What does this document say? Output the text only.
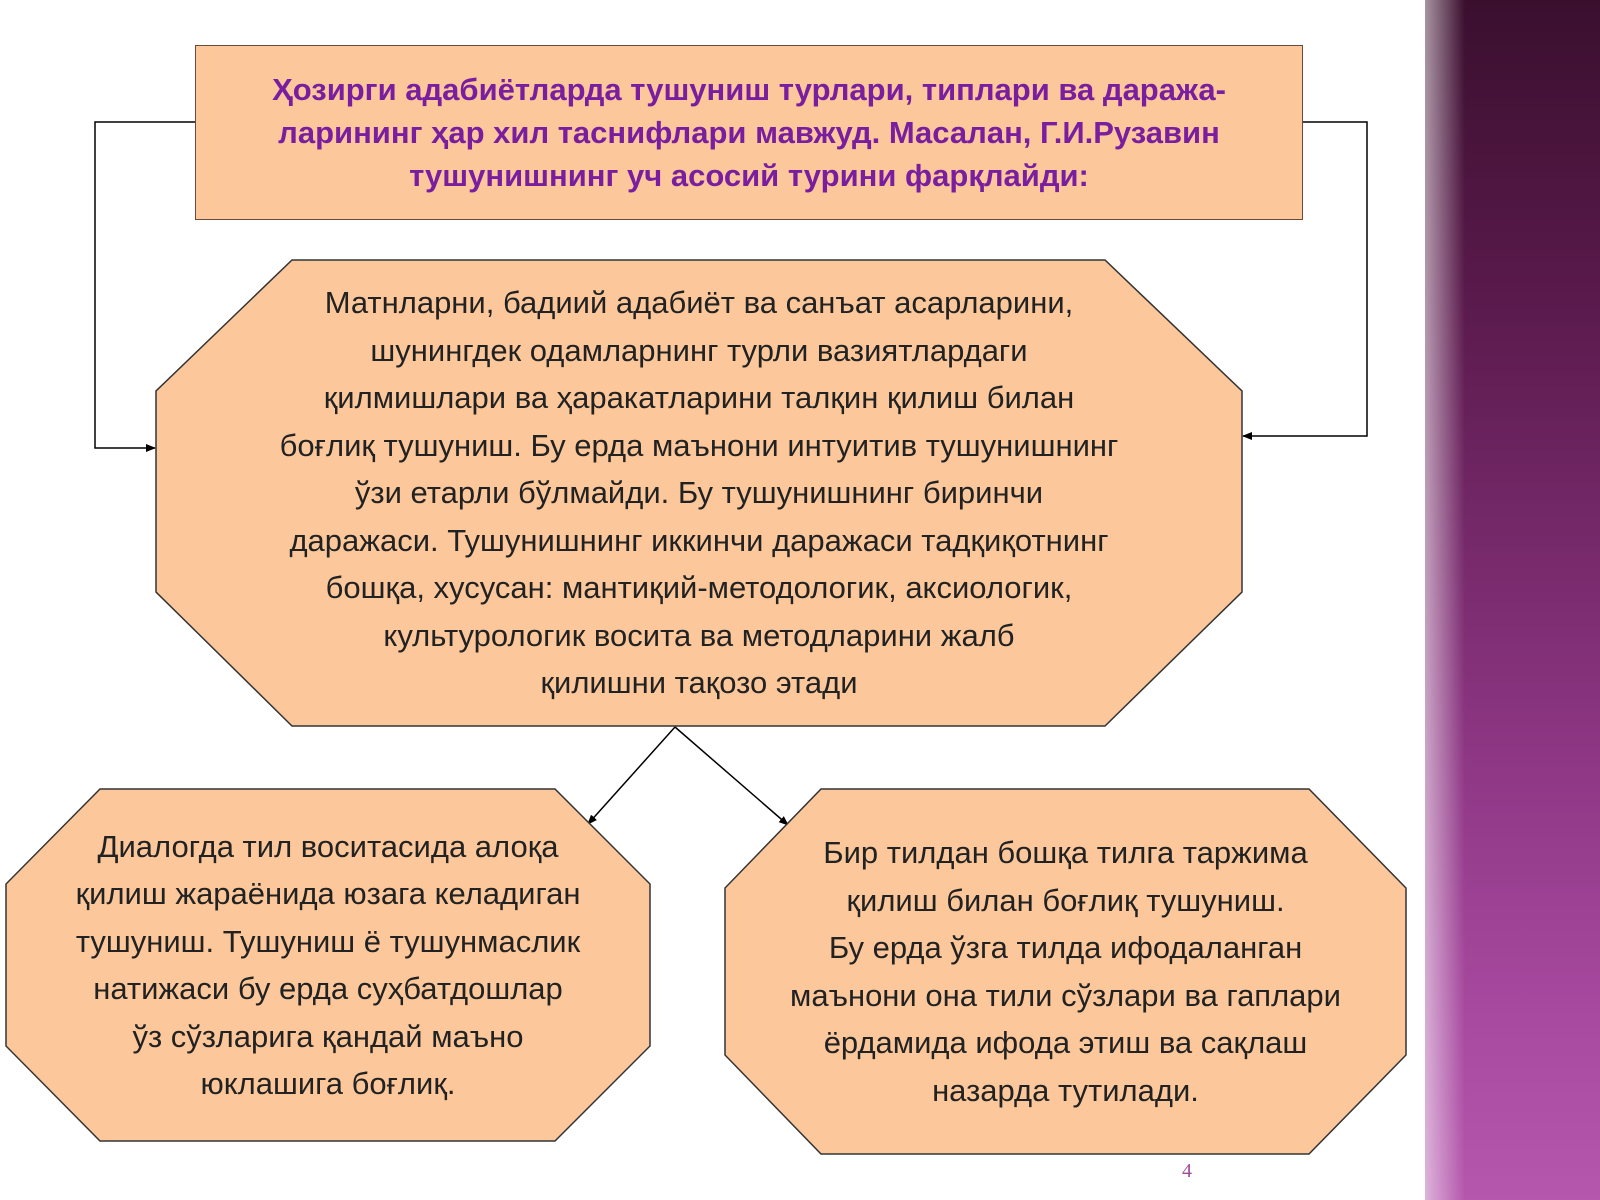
Ҳозирги адабиётларда тушуниш турлари, типлари ва даража-
ларининг ҳар хил таснифлари мавжуд. Масалан, Г.И.Рузавин
тушунишнинг уч асосий турини фарқлайди:
Матнларни, бадиий адабиёт ва санъат асарларини,
шунингдек одамларнинг турли вазиятлардаги
қилмишлари ва ҳаракатларини талқин қилиш билан
боғлиқ тушуниш. Бу ерда маънони интуитив тушунишнинг
ўзи етарли бўлмайди. Бу тушунишнинг биринчи
даражаси. Тушунишнинг иккинчи даражаси тадқиқотнинг
бошқа, хусусан: мантиқий-методологик, аксиологик,
культурологик восита ва методларини жалб
қилишни тақозо этади
Диалогда тил воситасида алоқа
қилиш жараёнида юзага келадиган
тушуниш. Тушуниш ё тушунмаслик
натижаси бу ерда суҳбатдошлар
ўз сўзларига қандай маъно
юклашига боғлиқ.
Бир тилдан бошқа тилга таржима
қилиш билан боғлиқ тушуниш.
Бу ерда ўзга тилда ифодаланган
маънони она тили сўзлари ва гаплари
ёрдамида ифода этиш ва сақлаш
назарда тутилади.
4
